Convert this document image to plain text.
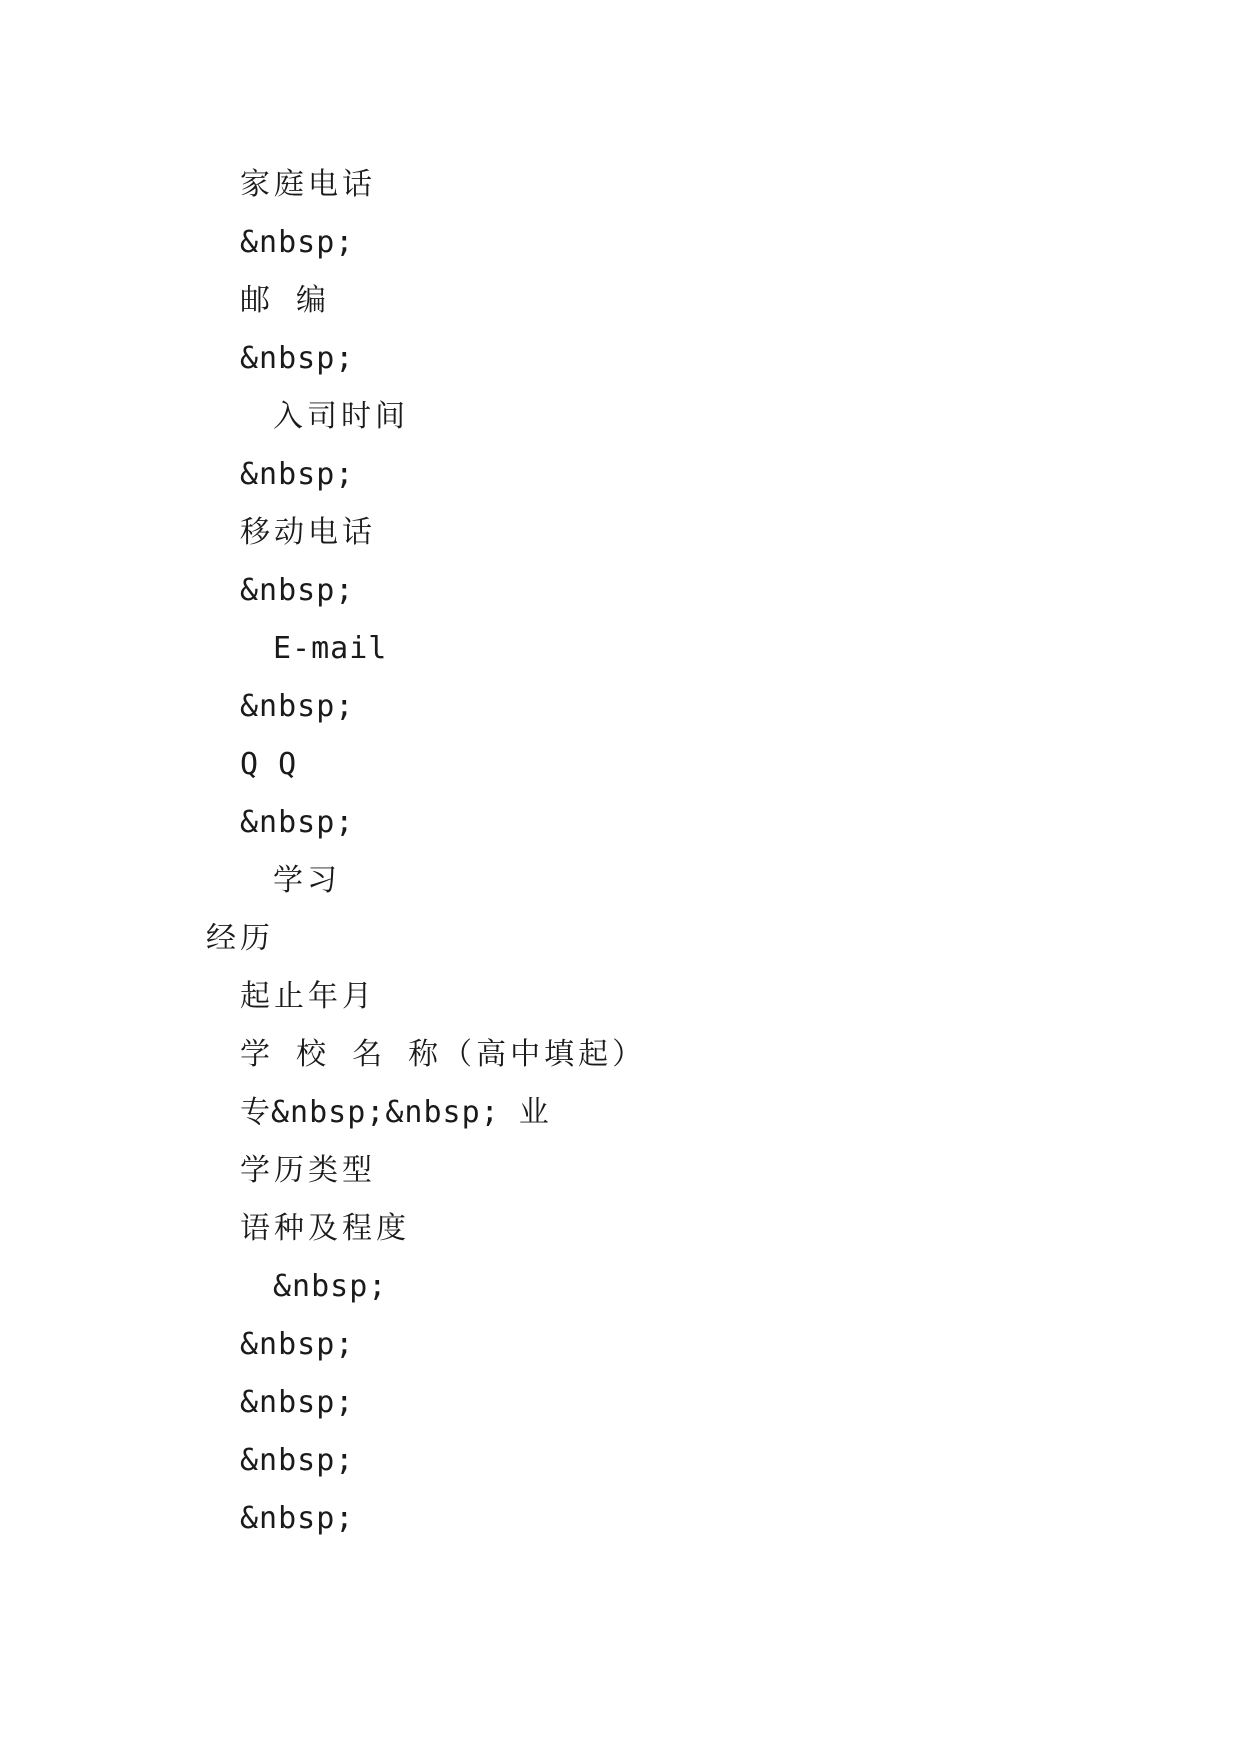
家庭电话
&nbsp;
邮 编
&nbsp;
入司时间
&nbsp;
移动电话
&nbsp;
E-mail
&nbsp;
Q Q
&nbsp;
学习
经历
起止年月
学 校 名 称（高中填起）
专&nbsp;&nbsp; 业
学历类型
语种及程度
&nbsp;
&nbsp;
&nbsp;
&nbsp;
&nbsp;
